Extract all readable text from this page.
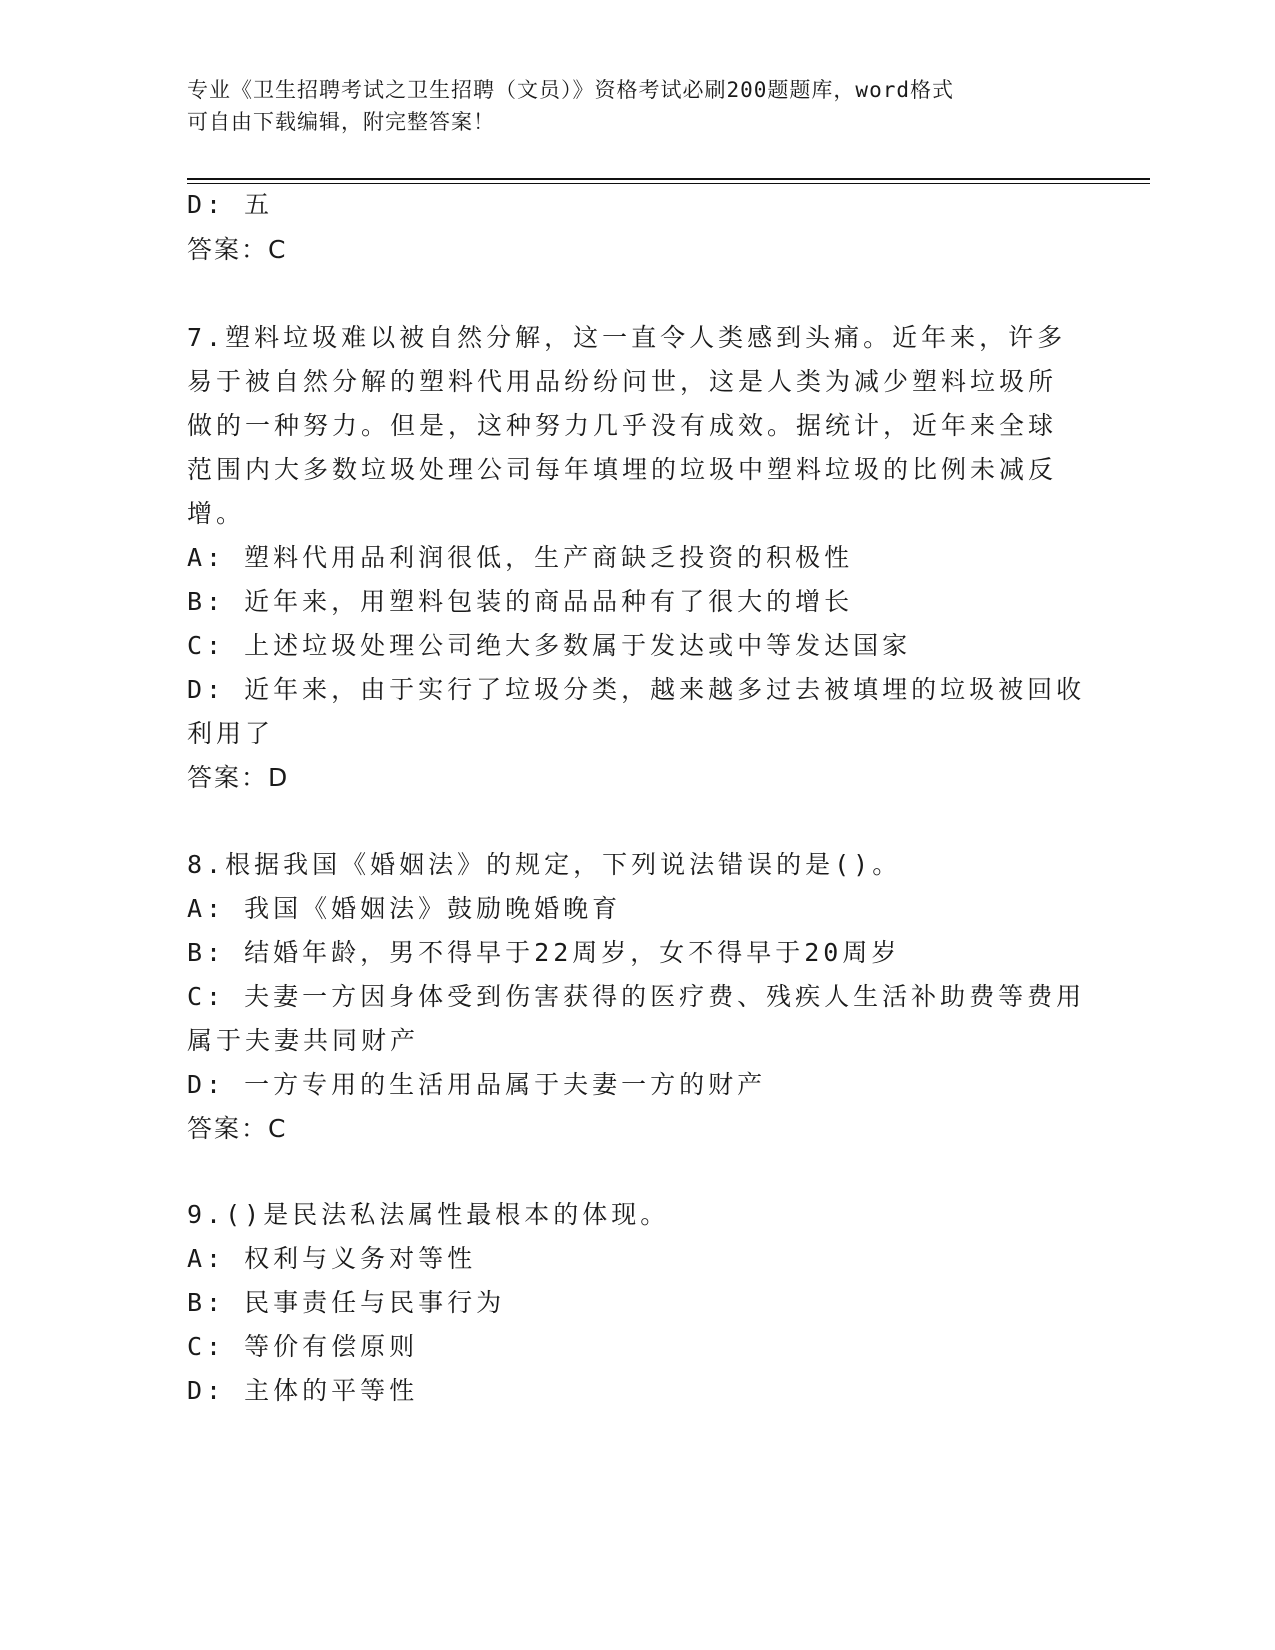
专业《卫生招聘考试之卫生招聘（文员）》资格考试必刷200题题库，word格式
可自由下载编辑，附完整答案！
D: 五
答案：C
7.塑料垃圾难以被自然分解，这一直令人类感到头痛。近年来，许多
易于被自然分解的塑料代用品纷纷问世，这是人类为减少塑料垃圾所
做的一种努力。但是，这种努力几乎没有成效。据统计，近年来全球
范围内大多数垃圾处理公司每年填埋的垃圾中塑料垃圾的比例未减反
增。
A: 塑料代用品利润很低，生产商缺乏投资的积极性
B: 近年来，用塑料包装的商品品种有了很大的增长
C: 上述垃圾处理公司绝大多数属于发达或中等发达国家
D: 近年来，由于实行了垃圾分类，越来越多过去被填埋的垃圾被回收
利用了
答案：D
8.根据我国《婚姻法》的规定，下列说法错误的是()。
A: 我国《婚姻法》鼓励晚婚晚育
B: 结婚年龄，男不得早于22周岁，女不得早于20周岁
C: 夫妻一方因身体受到伤害获得的医疗费、残疾人生活补助费等费用
属于夫妻共同财产
D: 一方专用的生活用品属于夫妻一方的财产
答案：C
9.()是民法私法属性最根本的体现。
A: 权利与义务对等性
B: 民事责任与民事行为
C: 等价有偿原则
D: 主体的平等性
